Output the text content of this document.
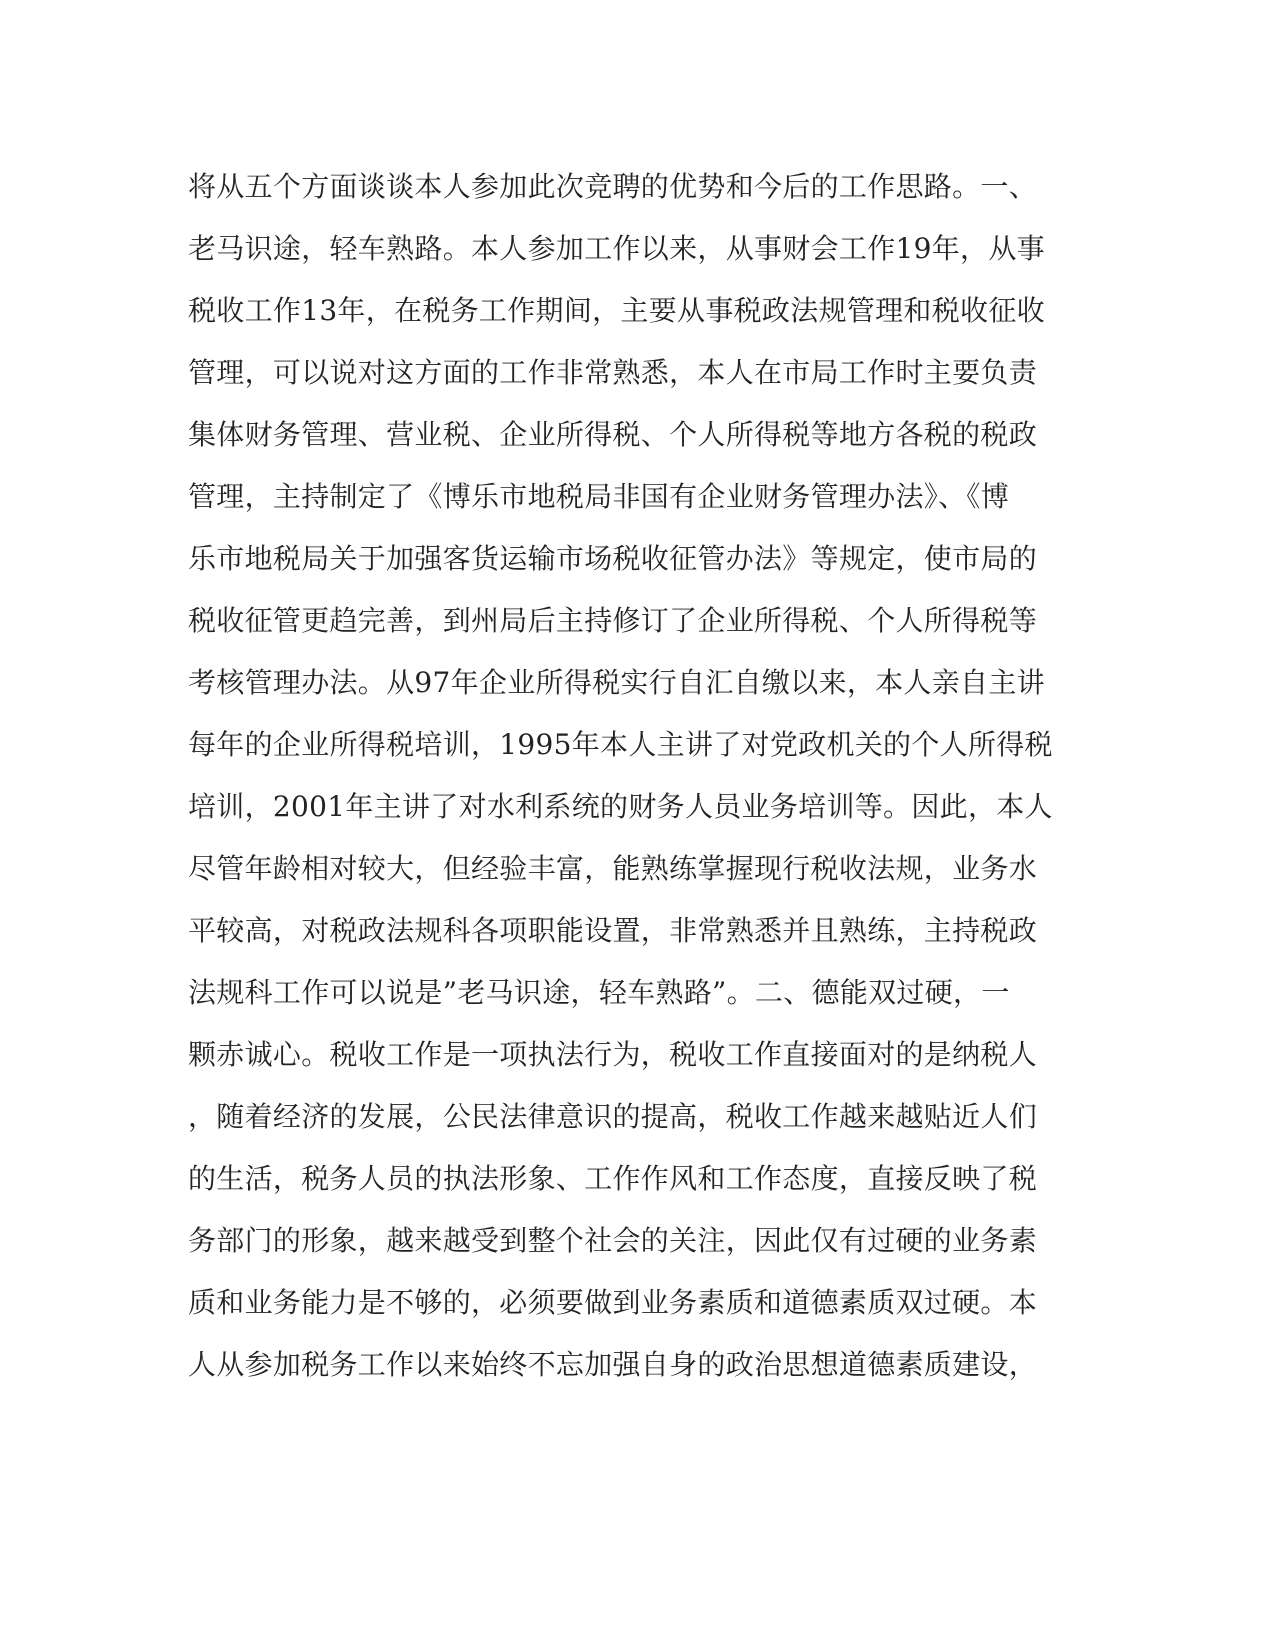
将从五个方面谈谈本人参加此次竞聘的优势和今后的工作思路。一、
老马识途，轻车熟路。本人参加工作以来，从事财会工作19年，从事
税收工作13年，在税务工作期间，主要从事税政法规管理和税收征收
管理，可以说对这方面的工作非常熟悉，本人在市局工作时主要负责
集体财务管理、营业税、企业所得税、个人所得税等地方各税的税政
管理，主持制定了《博乐市地税局非国有企业财务管理办法》、《博
乐市地税局关于加强客货运输市场税收征管办法》等规定，使市局的
税收征管更趋完善，到州局后主持修订了企业所得税、个人所得税等
考核管理办法。从97年企业所得税实行自汇自缴以来，本人亲自主讲
每年的企业所得税培训，1995年本人主讲了对党政机关的个人所得税
培训，2001年主讲了对水利系统的财务人员业务培训等。因此，本人
尽管年龄相对较大，但经验丰富，能熟练掌握现行税收法规，业务水
平较高，对税政法规科各项职能设置，非常熟悉并且熟练，主持税政
法规科工作可以说是”老马识途，轻车熟路”。二、德能双过硬，一
颗赤诚心。税收工作是一项执法行为，税收工作直接面对的是纳税人
，随着经济的发展，公民法律意识的提高，税收工作越来越贴近人们
的生活，税务人员的执法形象、工作作风和工作态度，直接反映了税
务部门的形象，越来越受到整个社会的关注，因此仅有过硬的业务素
质和业务能力是不够的，必须要做到业务素质和道德素质双过硬。本
人从参加税务工作以来始终不忘加强自身的政治思想道德素质建设，
